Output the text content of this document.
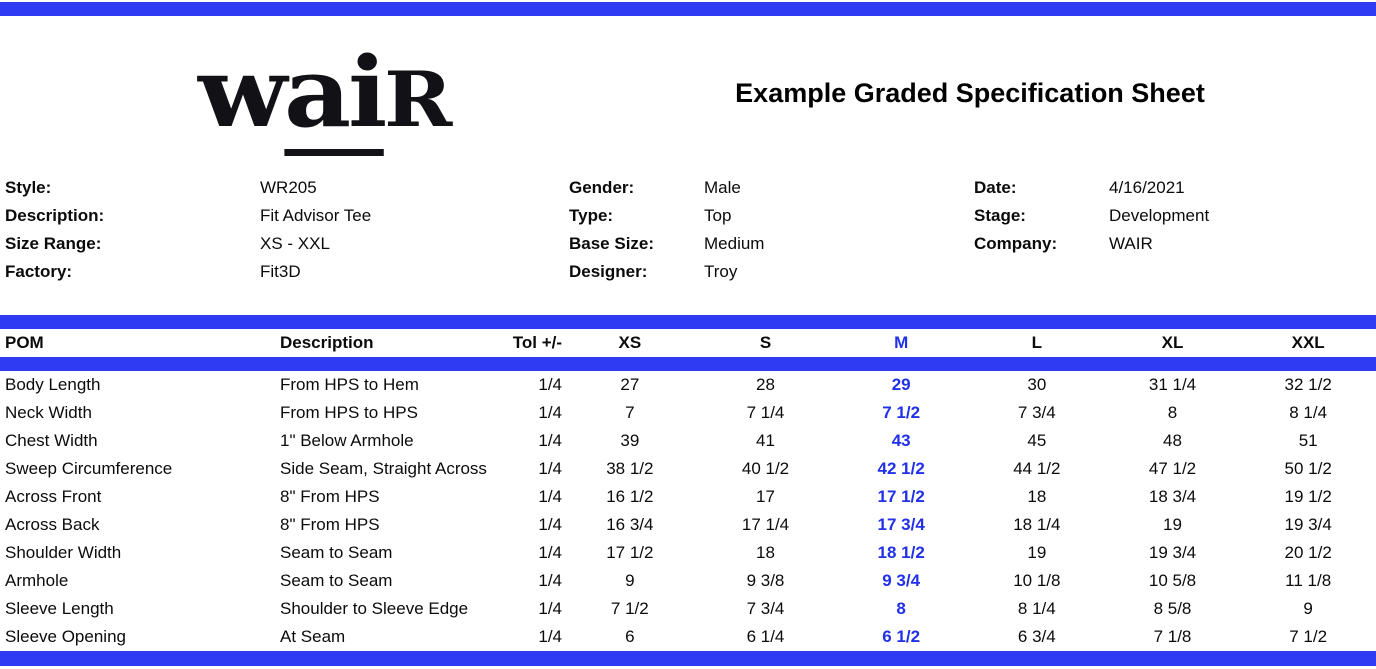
waiR	Example Graded Specification Sheet
Style:	WR205
Description:	Fit Advisor Tee
Size Range:	XS - XXL
Factory:	Fit3D
Gender:	Male
Type:	Top
Base Size:	Medium
Designer:	Troy
Date:	4/16/2021
Stage:	Development
Company:	WAIR
POM	Description	Tol +/-	XS	S	M	L	XL	XXL
Body Length	From HPS to Hem	1/4	27	28	29	30	31 1/4	32 1/2
Neck Width	From HPS to HPS	1/4	7	7 1/4	7 1/2	7 3/4	8	8 1/4
Chest Width	1" Below Armhole	1/4	39	41	43	45	48	51
Sweep Circumference	Side Seam, Straight Across	1/4	38 1/2	40 1/2	42 1/2	44 1/2	47 1/2	50 1/2
Across Front	8" From HPS	1/4	16 1/2	17	17 1/2	18	18 3/4	19 1/2
Across Back	8" From HPS	1/4	16 3/4	17 1/4	17 3/4	18 1/4	19	19 3/4
Shoulder Width	Seam to Seam	1/4	17 1/2	18	18 1/2	19	19 3/4	20 1/2
Armhole	Seam to Seam	1/4	9	9 3/8	9 3/4	10 1/8	10 5/8	11 1/8
Sleeve Length	Shoulder to Sleeve Edge	1/4	7 1/2	7 3/4	8	8 1/4	8 5/8	9
Sleeve Opening	At Seam	1/4	6	6 1/4	6 1/2	6 3/4	7 1/8	7 1/2
